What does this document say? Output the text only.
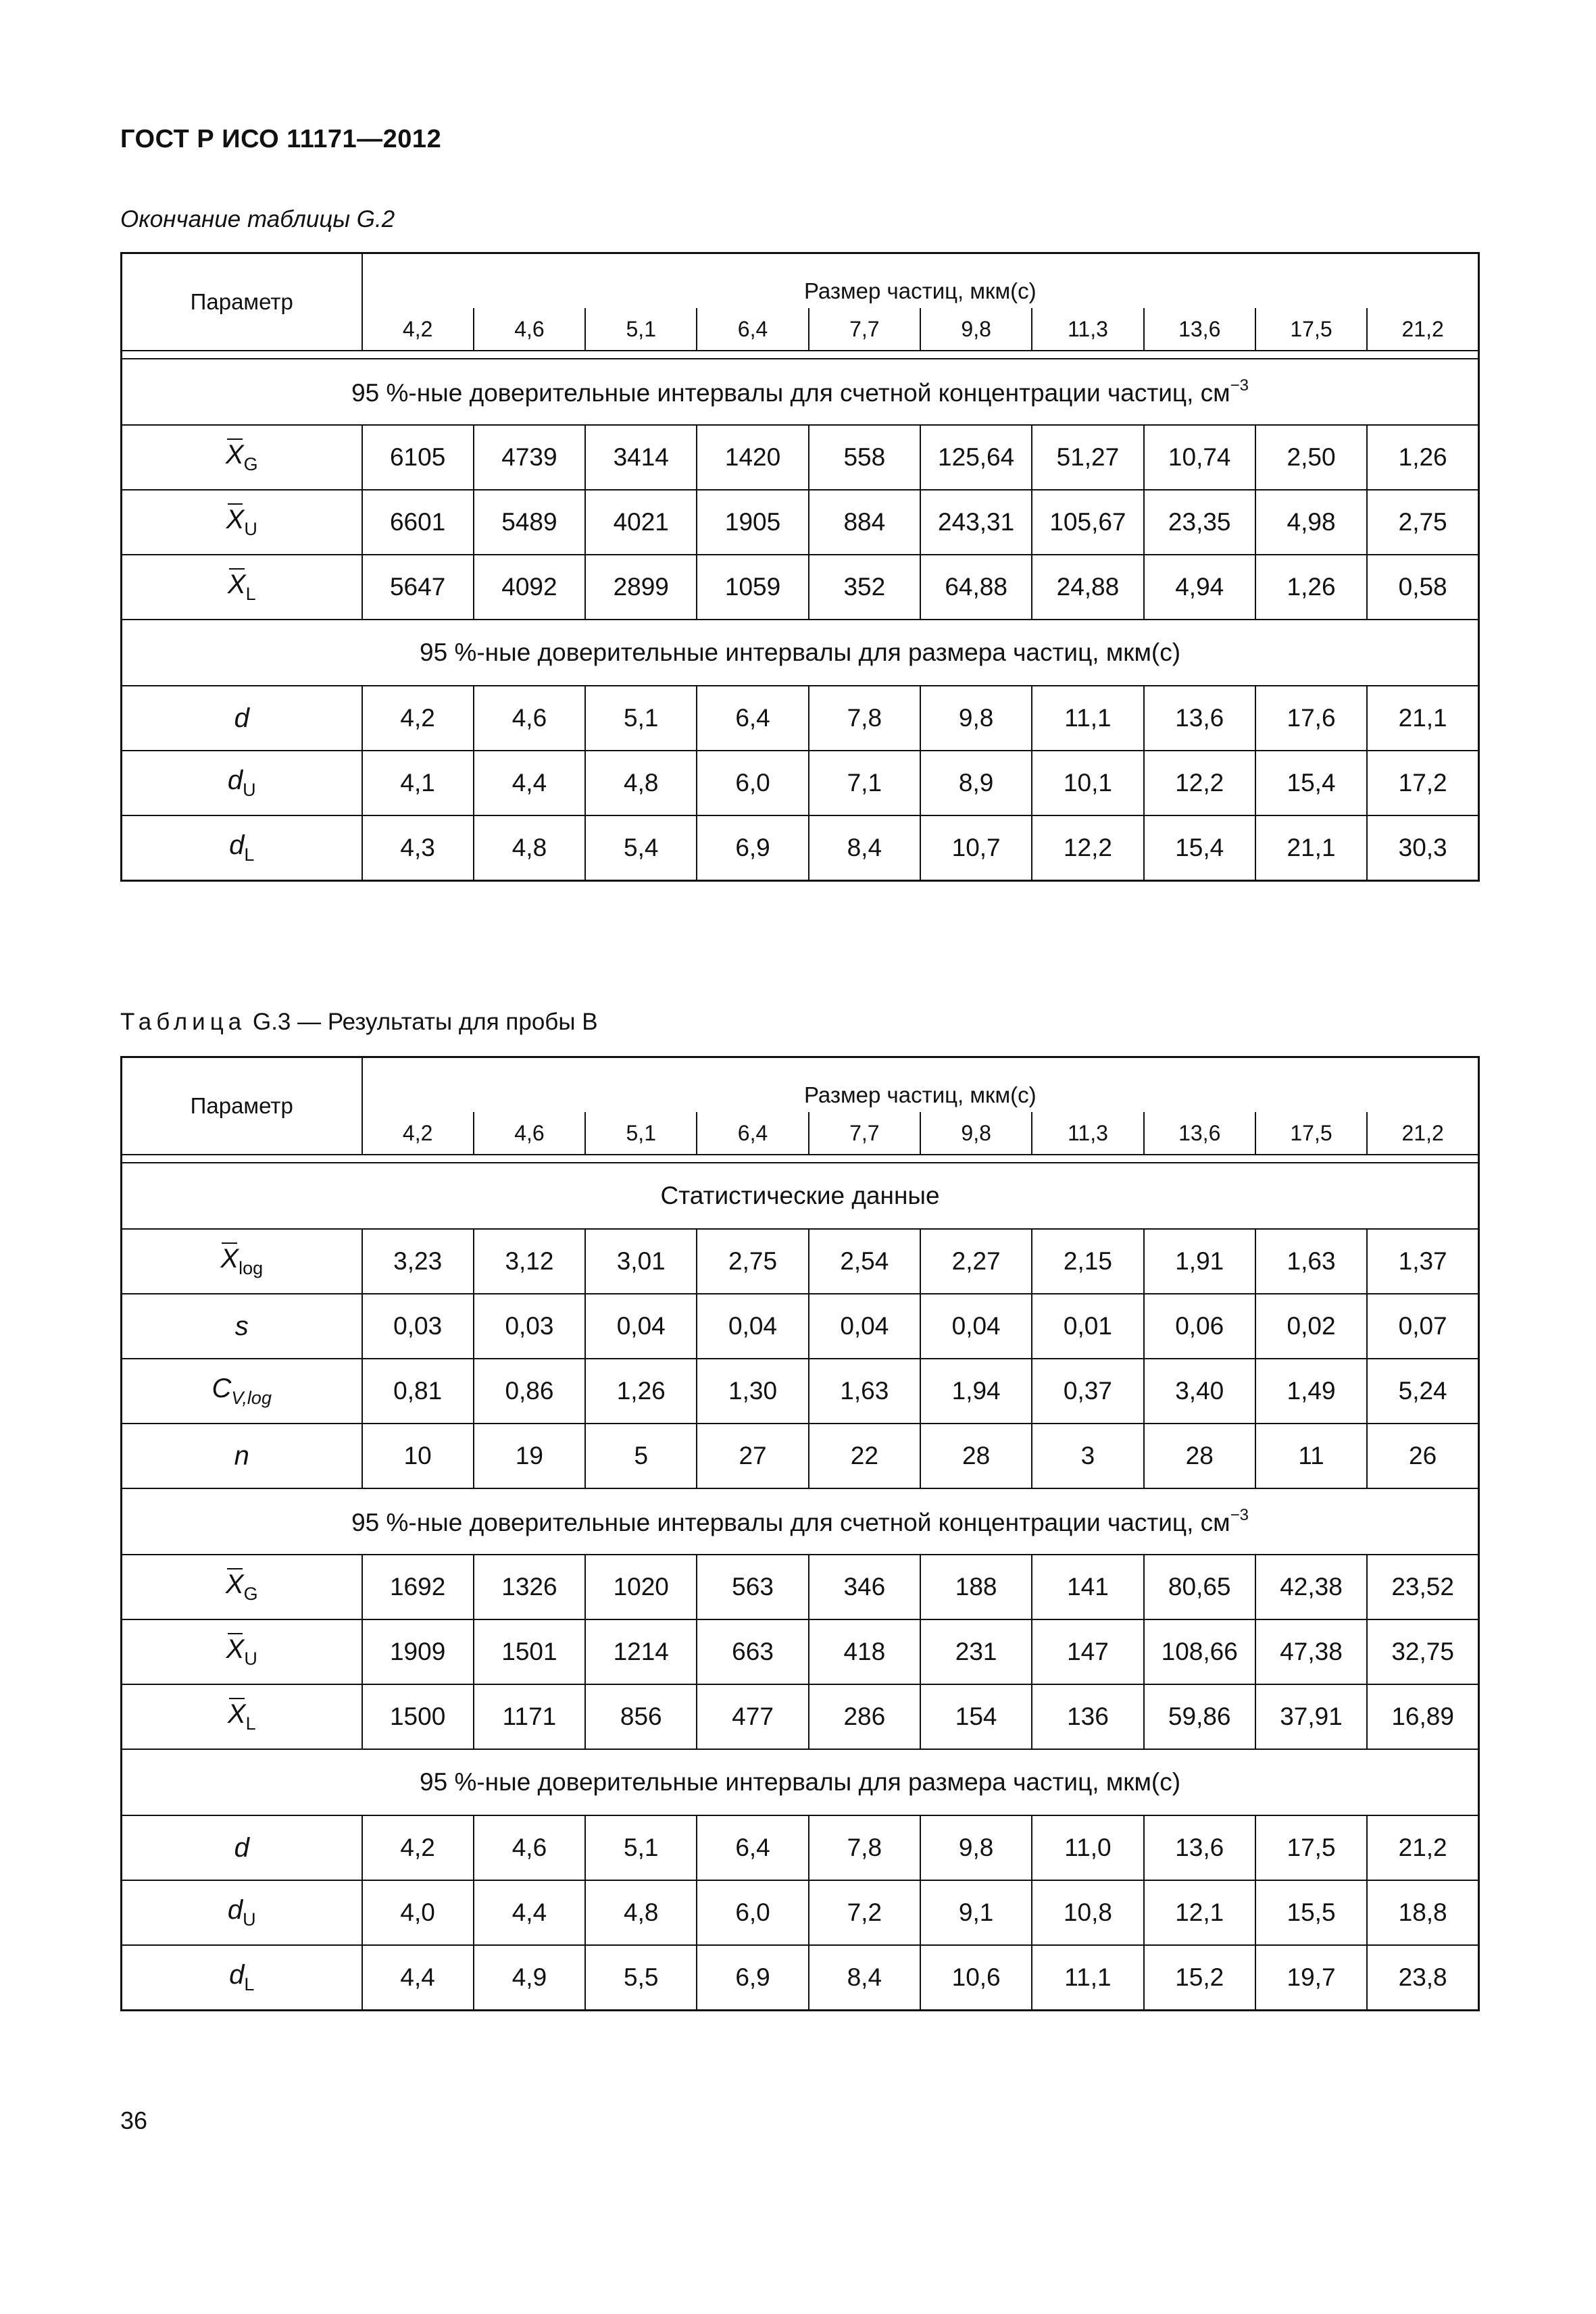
ГОСТ Р ИСО 11171—2012
Окончание таблицы G.2
Параметр	Размер частиц, мкм(с)									
	4,2	4,6	5,1	6,4	7,7	9,8	11,3	13,6	17,5	21,2

95 %-ные доверительные интервалы для счетной концентрации частиц, $см^{-3}$

$X_G$	6105	4739	3414	1420	558	125,64	51,27	10,74	2,50	1,26

$X_U$	6601	5489	4021	1905	884	243,31	105,67	23,35	4,98	2,75

$X_L$	5647	4092	2899	1059	352	64,88	24,88	4,94	1,26	0,58
95 %-ные доверительные интервалы для размера частиц, мкм(с)										
d	4,2	4,6	5,1	6,4	7,8	9,8	11,1	13,6	17,6	21,1
$d_U$	4,1	4,4	4,8	6,0	7,1	8,9	10,1	12,2	15,4	17,2
$d_L$	4,3	4,8	5,4	6,9	8,4	10,7	12,2	15,4	21,1	30,3
Таблица G.3 — Результаты для пробы В
Параметр	Размер частиц, мкм(с)									
	4,2	4,6	5,1	6,4	7,7	9,8	11,3	13,6	17,5	21,2

Статистические данные										

$X_{log}$	3,23	3,12	3,01	2,75	2,54	2,27	2,15	1,91	1,63	1,37
s	0,03	0,03	0,04	0,04	0,04	0,04	0,01	0,06	0,02	0,07
$C_{V,log}$	0,81	0,86	1,26	1,30	1,63	1,94	0,37	3,40	1,49	5,24
n	10	19	5	27	22	28	3	28	11	26
95 %-ные доверительные интервалы для счетной концентрации частиц, $см^{-3}$

$X_G$	1692	1326	1020	563	346	188	141	80,65	42,38	23,52

$X_U$	1909	1501	1214	663	418	231	147	108,66	47,38	32,75

$X_L$	1500	1171	856	477	286	154	136	59,86	37,91	16,89
95 %-ные доверительные интервалы для размера частиц, мкм(с)										
d	4,2	4,6	5,1	6,4	7,8	9,8	11,0	13,6	17,5	21,2
$d_U$	4,0	4,4	4,8	6,0	7,2	9,1	10,8	12,1	15,5	18,8
$d_L$	4,4	4,9	5,5	6,9	8,4	10,6	11,1	15,2	19,7	23,8
36
